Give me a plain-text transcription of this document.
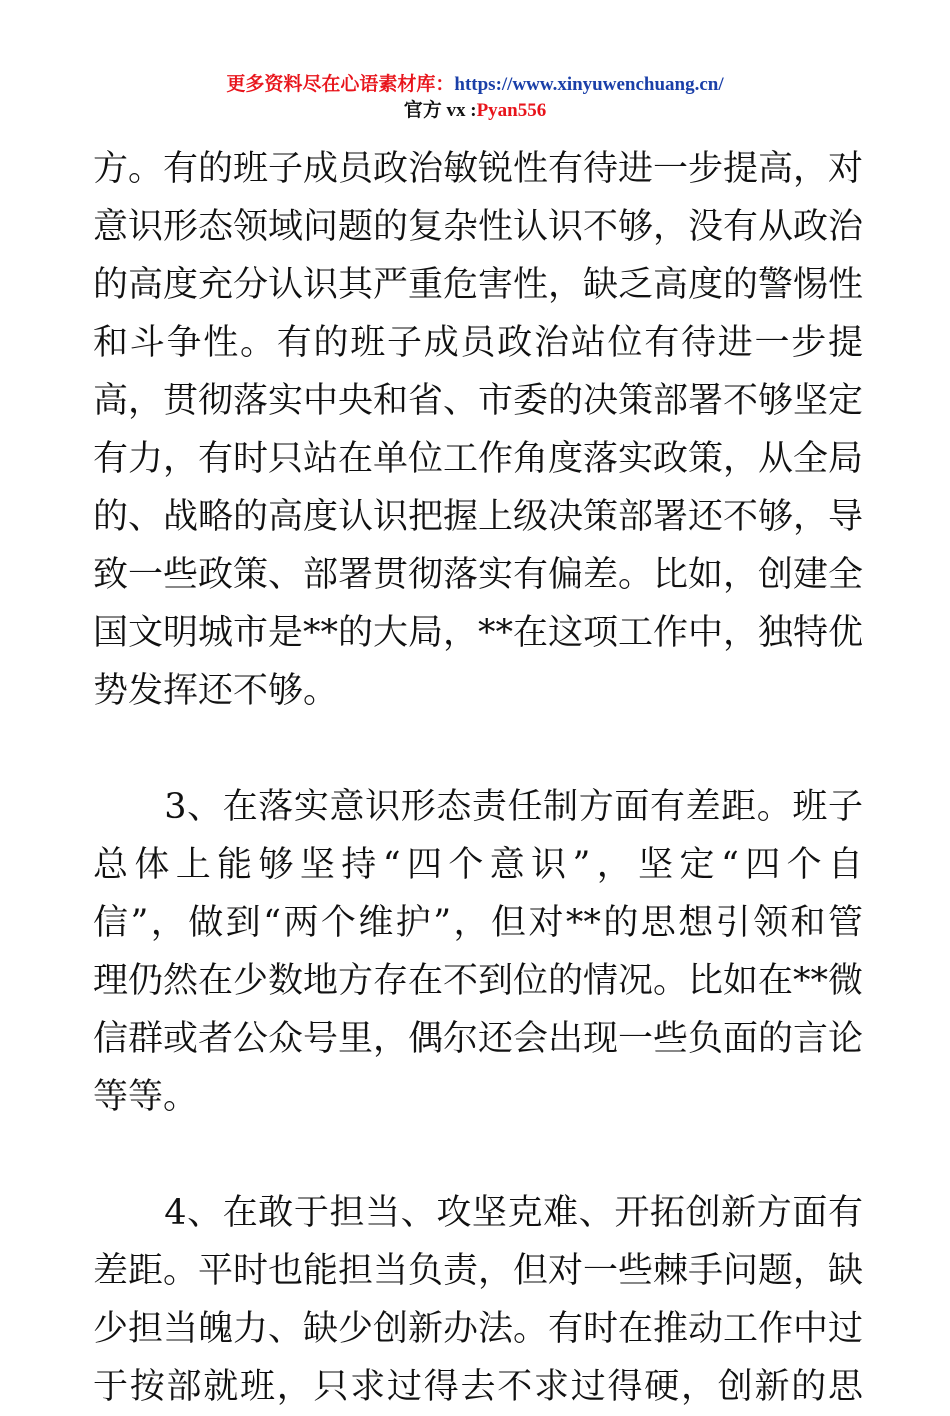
更多资料尽在心语素材库：https://www.xinyuwenchuang.cn/
官方 vx :Pyan556
方。有的班子成员政治敏锐性有待进一步提高，对
意识形态领域问题的复杂性认识不够，没有从政治
的高度充分认识其严重危害性，缺乏高度的警惕性
和斗争性。有的班子成员政治站位有待进一步提
高，贯彻落实中央和省、市委的决策部署不够坚定
有力，有时只站在单位工作角度落实政策，从全局
的、战略的高度认识把握上级决策部署还不够，导
致一些政策、部署贯彻落实有偏差。比如，创建全
国文明城市是**的大局，**在这项工作中，独特优
势发挥还不够。
　　3、在落实意识形态责任制方面有差距。班子
总体上能够坚持“四个意识”，坚定“四个自
信”，做到“两个维护”，但对**的思想引领和管
理仍然在少数地方存在不到位的情况。比如在**微
信群或者公众号里，偶尔还会出现一些负面的言论
等等。
　　4、在敢于担当、攻坚克难、开拓创新方面有
差距。平时也能担当负责，但对一些棘手问题，缺
少担当魄力、缺少创新办法。有时在推动工作中过
于按部就班，只求过得去不求过得硬，创新的思
